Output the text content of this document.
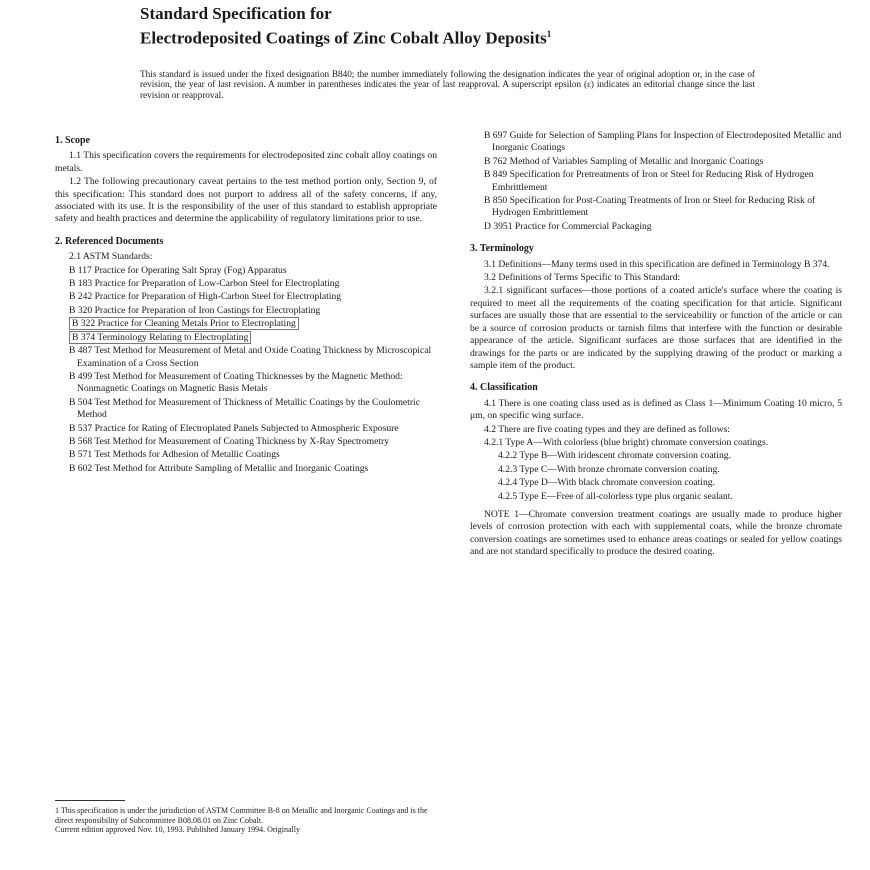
Standard Specification for
Electrodeposited Coatings of Zinc Cobalt Alloy Deposits$^1$
This standard is issued under the fixed designation B840; the number immediately following the designation indicates the year of original adoption or, in the case of revision, the year of last revision. A number in parentheses indicates the year of last reapproval. A superscript epsilon (ε) indicates an editorial change since the last revision or reapproval.
1. Scope

1.1 This specification covers the requirements for electrodeposited zinc cobalt alloy coatings on metals.

1.2 The following precautionary caveat pertains to the test method portion only, Section 9, of this specification: This standard does not purport to address all of the safety concerns, if any, associated with its use. It is the responsibility of the user of this standard to establish appropriate safety and health practices and determine the applicability of regulatory limitations prior to use.

2. Referenced Documents
2.1 ASTM Standards:
B 117 Practice for Operating Salt Spray (Fog) Apparatus
B 183 Practice for Preparation of Low-Carbon Steel for Electroplating
B 242 Practice for Preparation of High-Carbon Steel for Electroplating
B 320 Practice for Preparation of Iron Castings for Electroplating
B 322 Practice for Cleaning Metals Prior to Electroplating
B 374 Terminology Relating to Electroplating
B 487 Test Method for Measurement of Metal and Oxide Coating Thickness by Microscopical Examination of a Cross Section
B 499 Test Method for Measurement of Coating Thicknesses by the Magnetic Method: Nonmagnetic Coatings on Magnetic Basis Metals
B 504 Test Method for Measurement of Thickness of Metallic Coatings by the Coulometric Method
B 537 Practice for Rating of Electroplated Panels Subjected to Atmospheric Exposure
B 568 Test Method for Measurement of Coating Thickness by X-Ray Spectrometry
B 571 Test Methods for Adhesion of Metallic Coatings
B 602 Test Method for Attribute Sampling of Metallic and Inorganic Coatings
1 This specification is under the jurisdiction of ASTM Committee B-8 on Metallic and Inorganic Coatings and is the direct responsibility of Subcommittee B08.08.01 on Zinc Cobalt.
Current edition approved Nov. 10, 1993. Published January 1994. Originally
B 697 Guide for Selection of Sampling Plans for Inspection of Electrodeposited Metallic and Inorganic Coatings
B 762 Method of Variables Sampling of Metallic and Inorganic Coatings
B 849 Specification for Pretreatments of Iron or Steel for Reducing Risk of Hydrogen Embrittlement
B 850 Specification for Post-Coating Treatments of Iron or Steel for Reducing Risk of Hydrogen Embrittlement
D 3951 Practice for Commercial Packaging
3. Terminology

3.1 Definitions—Many terms used in this specification are defined in Terminology B 374.

3.2 Definitions of Terms Specific to This Standard:

3.2.1 significant surfaces—those portions of a coated article's surface where the coating is required to meet all the requirements of the coating specification for that article. Significant surfaces are usually those that are essential to the serviceability or function of the article or can be a source of corrosion products or tarnish films that interfere with the function or desirable appearance of the article. Significant surfaces are those surfaces that are identified in the drawings for the parts or are indicated by the supplying drawing of the product or marking a sample item of the product.

4. Classification

4.1 There is one coating class used as is defined as Class 1—Minimum Coating 10 micro, 5 μm, on specific wing surface.

4.2 There are five coating types and they are defined as follows:

4.2.1 Type A—With colorless (blue bright) chromate conversion coatings.

4.2.2 Type B—With iridescent chromate conversion coating.
4.2.3 Type C—With bronze chromate conversion coating.
4.2.4 Type D—With black chromate conversion coating.
4.2.5 Type E—Free of all-colorless type plus organic sealant.

NOTE 1—Chromate conversion treatment coatings are usually made to produce higher levels of corrosion protection with each with supplemental coats, while the bronze chromate conversion coatings are sometimes used to enhance areas coatings or sealed for yellow coatings and are not standard specifically to produce the desired coating.
